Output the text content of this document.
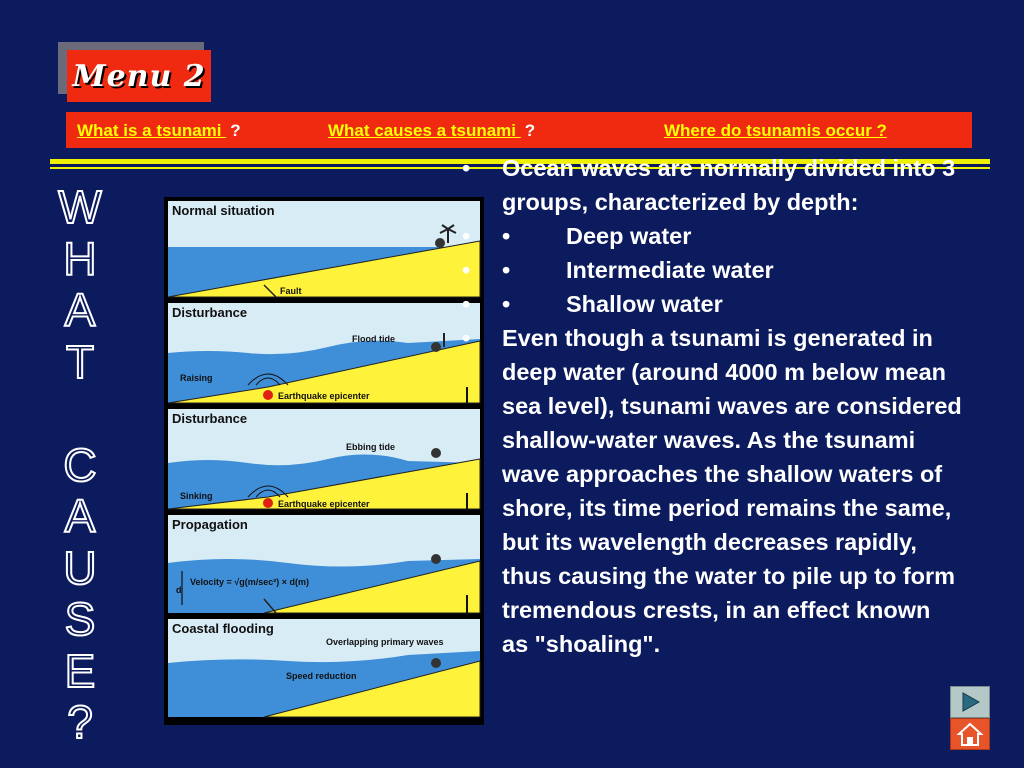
Menu 2
What is a tsunami ?	What causes a tsunami ?	Where do tsunamis occur ?
W
H
A
T
C
A
U
S
E
?
Normal situation
Fault
Disturbance
Flood tide
Raising
Earthquake epicenter
Disturbance
Ebbing tide
Sinking
Earthquake epicenter
Propagation
Velocity = √g(m/sec²) × d(m)
d
Coastal flooding
Overlapping primary waves
Speed reduction
• Ocean waves are normally divided into 3 groups, characterized by depth:
• • Deep water
• • Intermediate water
• • Shallow water
• Even though a tsunami is generated in deep water (around 4000 m below mean sea level), tsunami waves are considered shallow-water waves. As the tsunami wave approaches the shallow waters of shore, its time period remains the same, but its wavelength decreases rapidly, thus causing the water to pile up to form tremendous crests, in an effect known as "shoaling".
